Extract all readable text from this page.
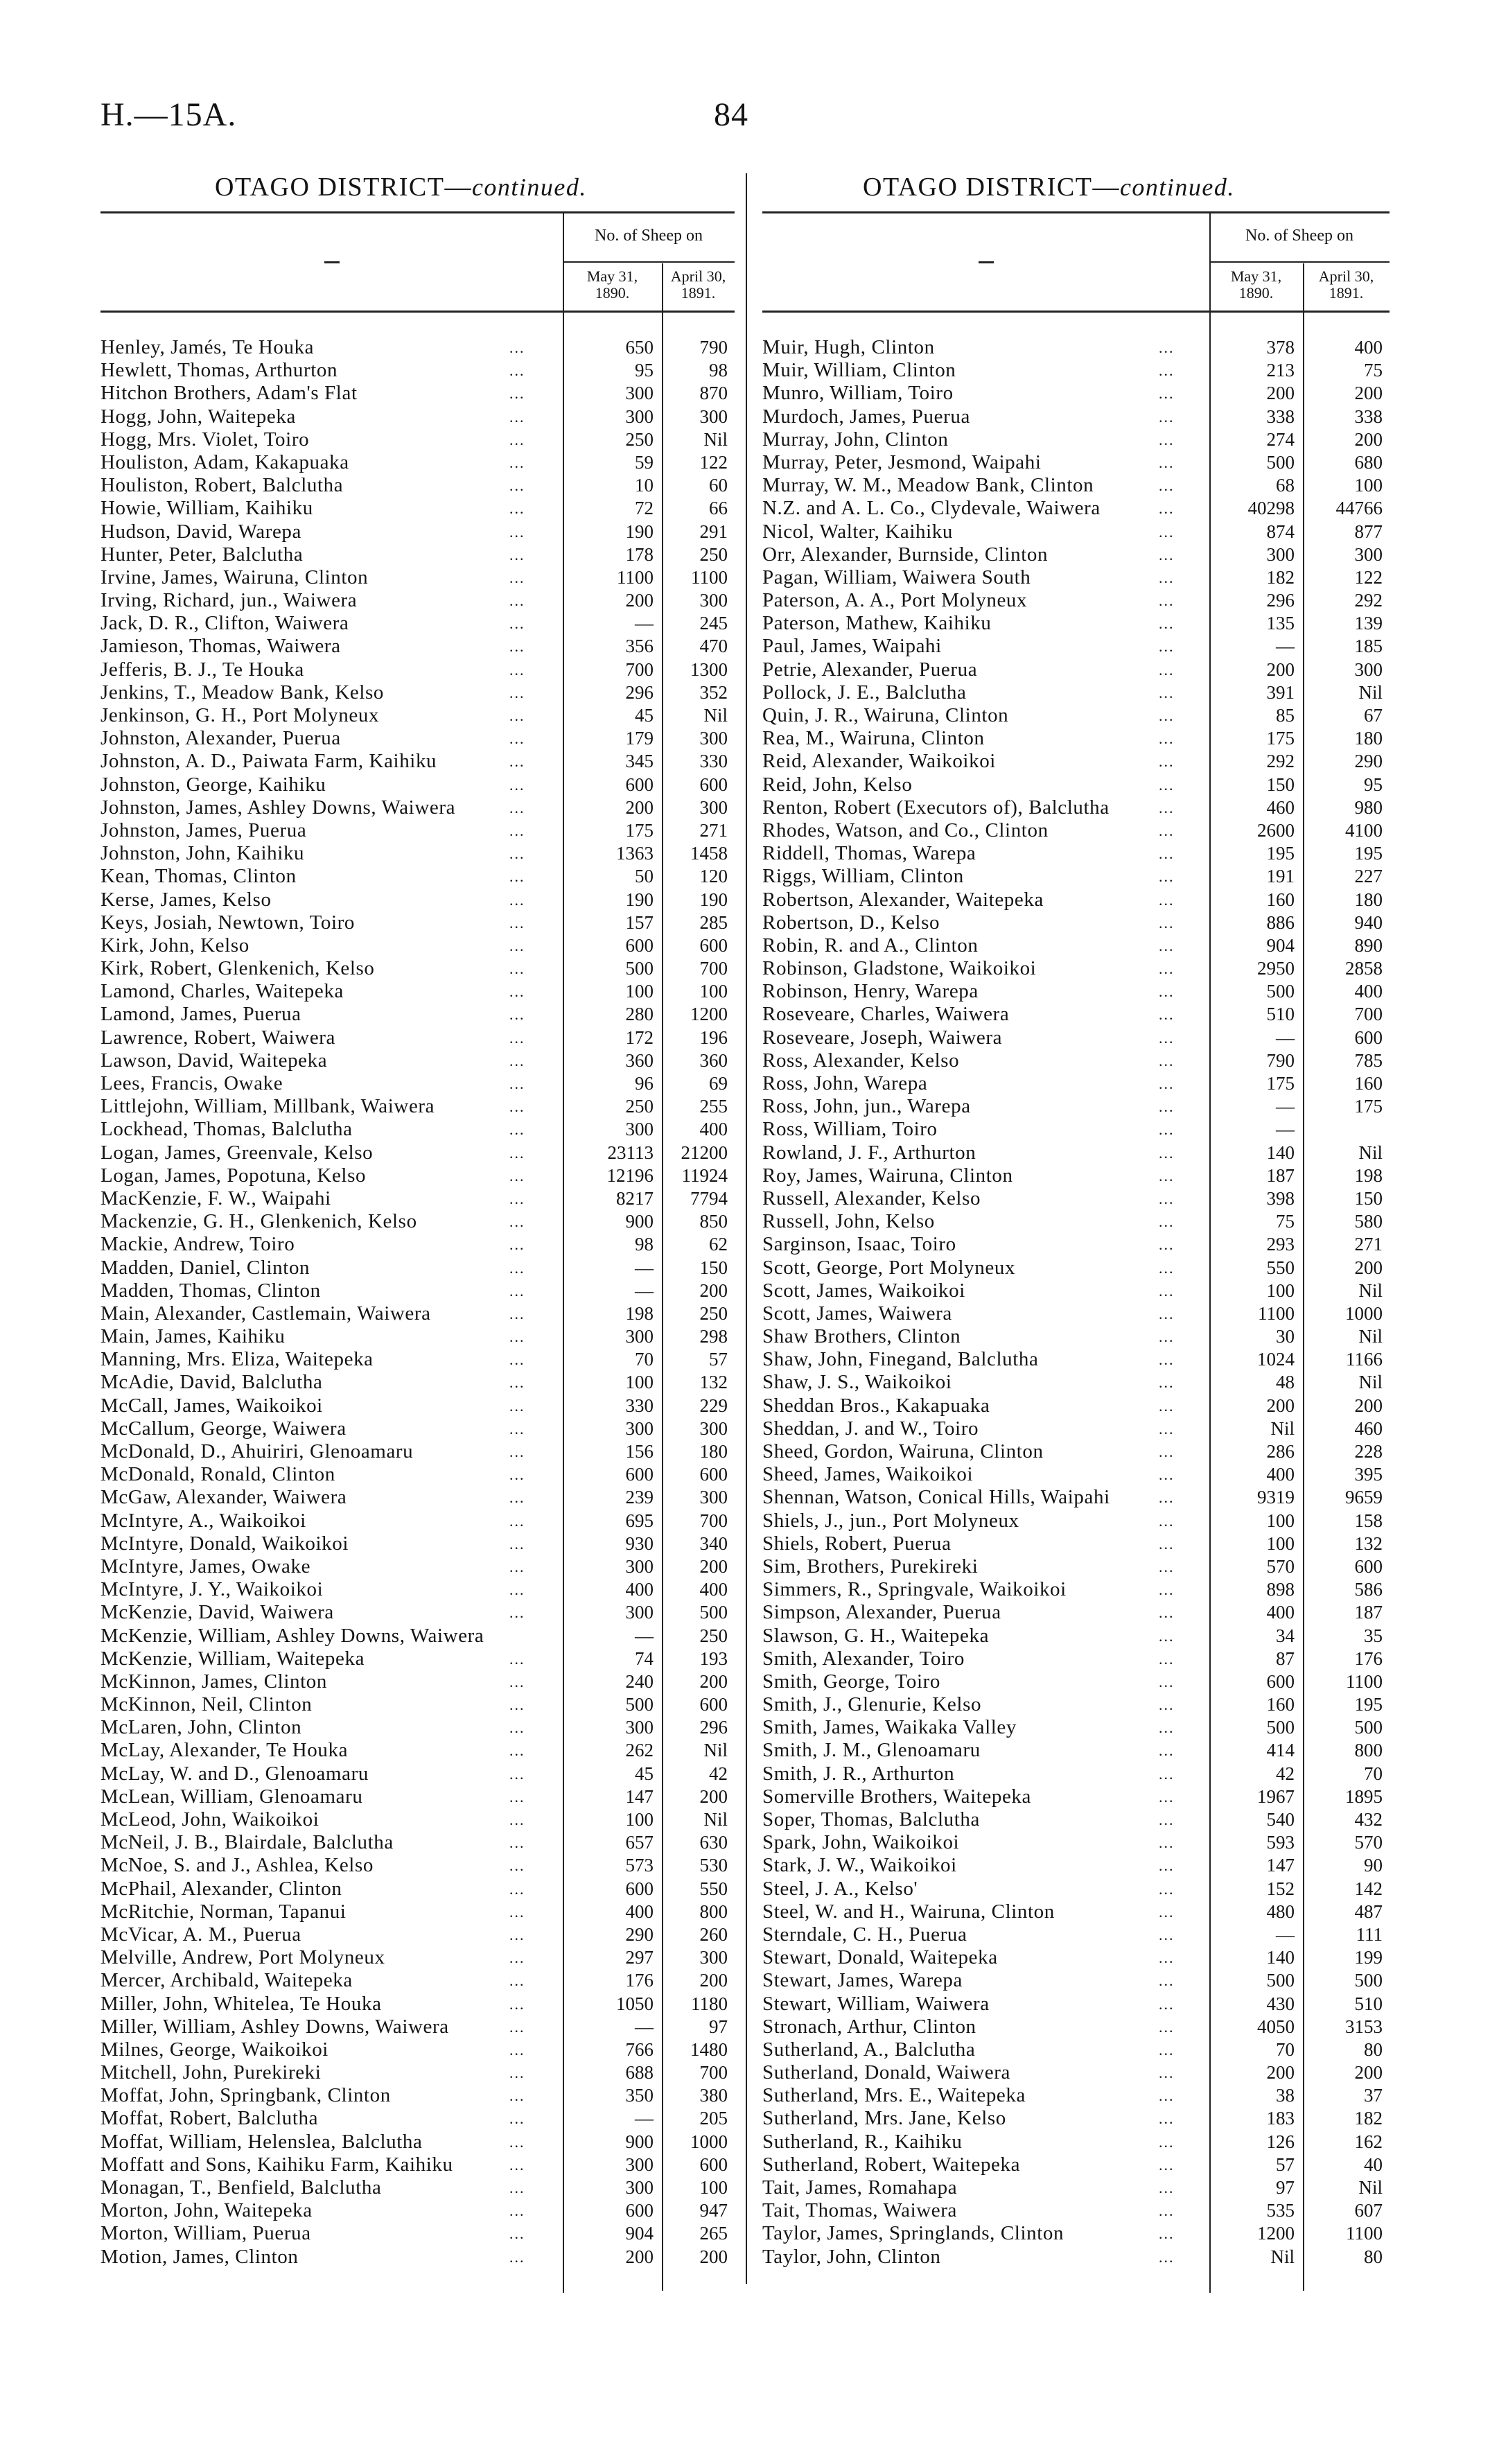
H.—15A.	84
OTAGO DISTRICT—continued.	OTAGO DISTRICT—continued.
No. of Sheep on
May 31,
1890.
April 30,
1891.
Henley, Jamés, Te Houka	...	650 790
Hewlett, Thomas, Arthurton	...	95	98
Hitchon Brothers, Adam's Flat	...	300 870
Hogg, John, Waitepeka	...	300 300
Hogg, Mrs. Violet, Toiro	...	250	Nil
Houliston, Adam, Kakapuaka	...	59 122
Houliston, Robert, Balclutha	...	10	60
Howie, William, Kaihiku	...	72	66
Hudson, David, Warepa	...	190 291
Hunter, Peter, Balclutha	...	178 250
Irvine, James, Wairuna, Clinton	...	1100 1100
Irving, Richard, jun., Waiwera	...	200 300
Jack, D. R., Clifton, Waiwera	...	— 245
Jamieson, Thomas, Waiwera	...	356 470
Jefferis, B. J., Te Houka	...	700 1300
Jenkins, T., Meadow Bank, Kelso	...	296 352
Jenkinson, G. H., Port Molyneux	...	45	Nil
Johnston, Alexander, Puerua	...	179 300
Johnston, A. D., Paiwata Farm, Kaihiku	...	345 330
Johnston, George, Kaihiku	...	600 600
Johnston, James, Ashley Downs, Waiwera	...	200 300
Johnston, James, Puerua	...	175 271
Johnston, John, Kaihiku	...	1363 1458
Kean, Thomas, Clinton	...	50 120
Kerse, James, Kelso	...	190 190
Keys, Josiah, Newtown, Toiro	...	157 285
Kirk, John, Kelso	...	600 600
Kirk, Robert, Glenkenich, Kelso	...	500 700
Lamond, Charles, Waitepeka	...	100 100
Lamond, James, Puerua	...	280 1200
Lawrence, Robert, Waiwera	...	172 196
Lawson, David, Waitepeka	...	360 360
Lees, Francis, Owake	...	96	69
Littlejohn, William, Millbank, Waiwera	...	250 255
Lockhead, Thomas, Balclutha	...	300 400
Logan, James, Greenvale, Kelso	...	23113 21200
Logan, James, Popotuna, Kelso	...	12196 11924
MacKenzie, F. W., Waipahi	...	8217 7794
Mackenzie, G. H., Glenkenich, Kelso	...	900 850
Mackie, Andrew, Toiro	...	98	62
Madden, Daniel, Clinton	...	— 150
Madden, Thomas, Clinton	...	— 200
Main, Alexander, Castlemain, Waiwera	...	198 250
Main, James, Kaihiku	...	300 298
Manning, Mrs. Eliza, Waitepeka	...	70	57
McAdie, David, Balclutha	...	100 132
McCall, James, Waikoikoi	...	330 229
McCallum, George, Waiwera	...	300 300
McDonald, D., Ahuiriri, Glenoamaru	...	156 180
McDonald, Ronald, Clinton	...	600 600
McGaw, Alexander, Waiwera	...	239 300
McIntyre, A., Waikoikoi	...	695 700
McIntyre, Donald, Waikoikoi	...	930 340
McIntyre, James, Owake	...	300 200
McIntyre, J. Y., Waikoikoi	...	400 400
McKenzie, David, Waiwera	...	300 500
McKenzie, William, Ashley Downs, Waiwera	— 250
McKenzie, William, Waitepeka	...	74 193
McKinnon, James, Clinton	...	240 200
McKinnon, Neil, Clinton	...	500 600
McLaren, John, Clinton	...	300 296
McLay, Alexander, Te Houka	...	262	Nil
McLay, W. and D., Glenoamaru	...	45	42
McLean, William, Glenoamaru	...	147 200
McLeod, John, Waikoikoi	...	100	Nil
McNeil, J. B., Blairdale, Balclutha	...	657 630
McNoe, S. and J., Ashlea, Kelso	...	573 530
McPhail, Alexander, Clinton	...	600 550
McRitchie, Norman, Tapanui	...	400 800
McVicar, A. M., Puerua	...	290 260
Melville, Andrew, Port Molyneux	...	297 300
Mercer, Archibald, Waitepeka	...	176 200
Miller, John, Whitelea, Te Houka	...	1050 1180
Miller, William, Ashley Downs, Waiwera	...	—	97
Milnes, George, Waikoikoi	...	766 1480
Mitchell, John, Purekireki	...	688 700
Moffat, John, Springbank, Clinton	...	350 380
Moffat, Robert, Balclutha	...	— 205
Moffat, William, Helenslea, Balclutha	...	900 1000
Moffatt and Sons, Kaihiku Farm, Kaihiku	...	300 600
Monagan, T., Benfield, Balclutha	...	300 100
Morton, John, Waitepeka	...	600 947
Morton, William, Puerua	...	904 265
Motion, James, Clinton	...	200 200
No. of Sheep on
May 31,
1890.
April 30,
1891.
Muir, Hugh, Clinton	...	378	400
Muir, William, Clinton	...	213	75
Munro, William, Toiro	...	200	200
Murdoch, James, Puerua	...	338	338
Murray, John, Clinton	...	274	200
Murray, Peter, Jesmond, Waipahi	...	500	680
Murray, W. M., Meadow Bank, Clinton	...	68	100
N.Z. and A. L. Co., Clydevale, Waiwera	...	40298 44766
Nicol, Walter, Kaihiku	...	874	877
Orr, Alexander, Burnside, Clinton	...	300	300
Pagan, William, Waiwera South	...	182	122
Paterson, A. A., Port Molyneux	...	296	292
Paterson, Mathew, Kaihiku	...	135	139
Paul, James, Waipahi	...	—	185
Petrie, Alexander, Puerua	...	200	300
Pollock, J. E., Balclutha	...	391	Nil
Quin, J. R., Wairuna, Clinton	...	85	67
Rea, M., Wairuna, Clinton	...	175	180
Reid, Alexander, Waikoikoi	...	292	290
Reid, John, Kelso	...	150	95
Renton, Robert (Executors of), Balclutha	...	460	980
Rhodes, Watson, and Co., Clinton	...	2600	4100
Riddell, Thomas, Warepa	...	195	195
Riggs, William, Clinton	...	191	227
Robertson, Alexander, Waitepeka	...	160	180
Robertson, D., Kelso	...	886	940
Robin, R. and A., Clinton	...	904	890
Robinson, Gladstone, Waikoikoi	...	2950	2858
Robinson, Henry, Warepa	...	500	400
Roseveare, Charles, Waiwera	...	510	700
Roseveare, Joseph, Waiwera	...	—	600
Ross, Alexander, Kelso	...	790	785
Ross, John, Warepa	...	175	160
Ross, John, jun., Warepa	...	—	175
Ross, William, Toiro	...	—
Rowland, J. F., Arthurton	...	140	Nil
Roy, James, Wairuna, Clinton	...	187	198
Russell, Alexander, Kelso	...	398	150
Russell, John, Kelso	...	75	580
Sarginson, Isaac, Toiro	...	293	271
Scott, George, Port Molyneux	...	550	200
Scott, James, Waikoikoi	...	100	Nil
Scott, James, Waiwera	...	1100	1000
Shaw Brothers, Clinton	...	30	Nil
Shaw, John, Finegand, Balclutha	...	1024	1166
Shaw, J. S., Waikoikoi	...	48	Nil
Sheddan Bros., Kakapuaka	...	200	200
Sheddan, J. and W., Toiro	...	Nil	460
Sheed, Gordon, Wairuna, Clinton	...	286	228
Sheed, James, Waikoikoi	...	400	395
Shennan, Watson, Conical Hills, Waipahi	...	9319	9659
Shiels, J., jun., Port Molyneux	...	100	158
Shiels, Robert, Puerua	...	100	132
Sim, Brothers, Purekireki	...	570	600
Simmers, R., Springvale, Waikoikoi	...	898	586
Simpson, Alexander, Puerua	...	400	187
Slawson, G. H., Waitepeka	...	34	35
Smith, Alexander, Toiro	...	87	176
Smith, George, Toiro	...	600	1100
Smith, J., Glenurie, Kelso	...	160	195
Smith, James, Waikaka Valley	...	500	500
Smith, J. M., Glenoamaru	...	414	800
Smith, J. R., Arthurton	...	42	70
Somerville Brothers, Waitepeka	...	1967	1895
Soper, Thomas, Balclutha	...	540	432
Spark, John, Waikoikoi	...	593	570
Stark, J. W., Waikoikoi	...	147	90
Steel, J. A., Kelso'	...	152	142
Steel, W. and H., Wairuna, Clinton	...	480	487
Sterndale, C. H., Puerua	...	—	111
Stewart, Donald, Waitepeka	...	140	199
Stewart, James, Warepa	...	500	500
Stewart, William, Waiwera	...	430	510
Stronach, Arthur, Clinton	...	4050	3153
Sutherland, A., Balclutha	...	70	80
Sutherland, Donald, Waiwera	...	200	200
Sutherland, Mrs. E., Waitepeka	...	38	37
Sutherland, Mrs. Jane, Kelso	...	183	182
Sutherland, R., Kaihiku	...	126	162
Sutherland, Robert, Waitepeka	...	57	40
Tait, James, Romahapa	...	97	Nil
Tait, Thomas, Waiwera	...	535	607
Taylor, James, Springlands, Clinton	...	1200	1100
Taylor, John, Clinton	...	Nil	80
